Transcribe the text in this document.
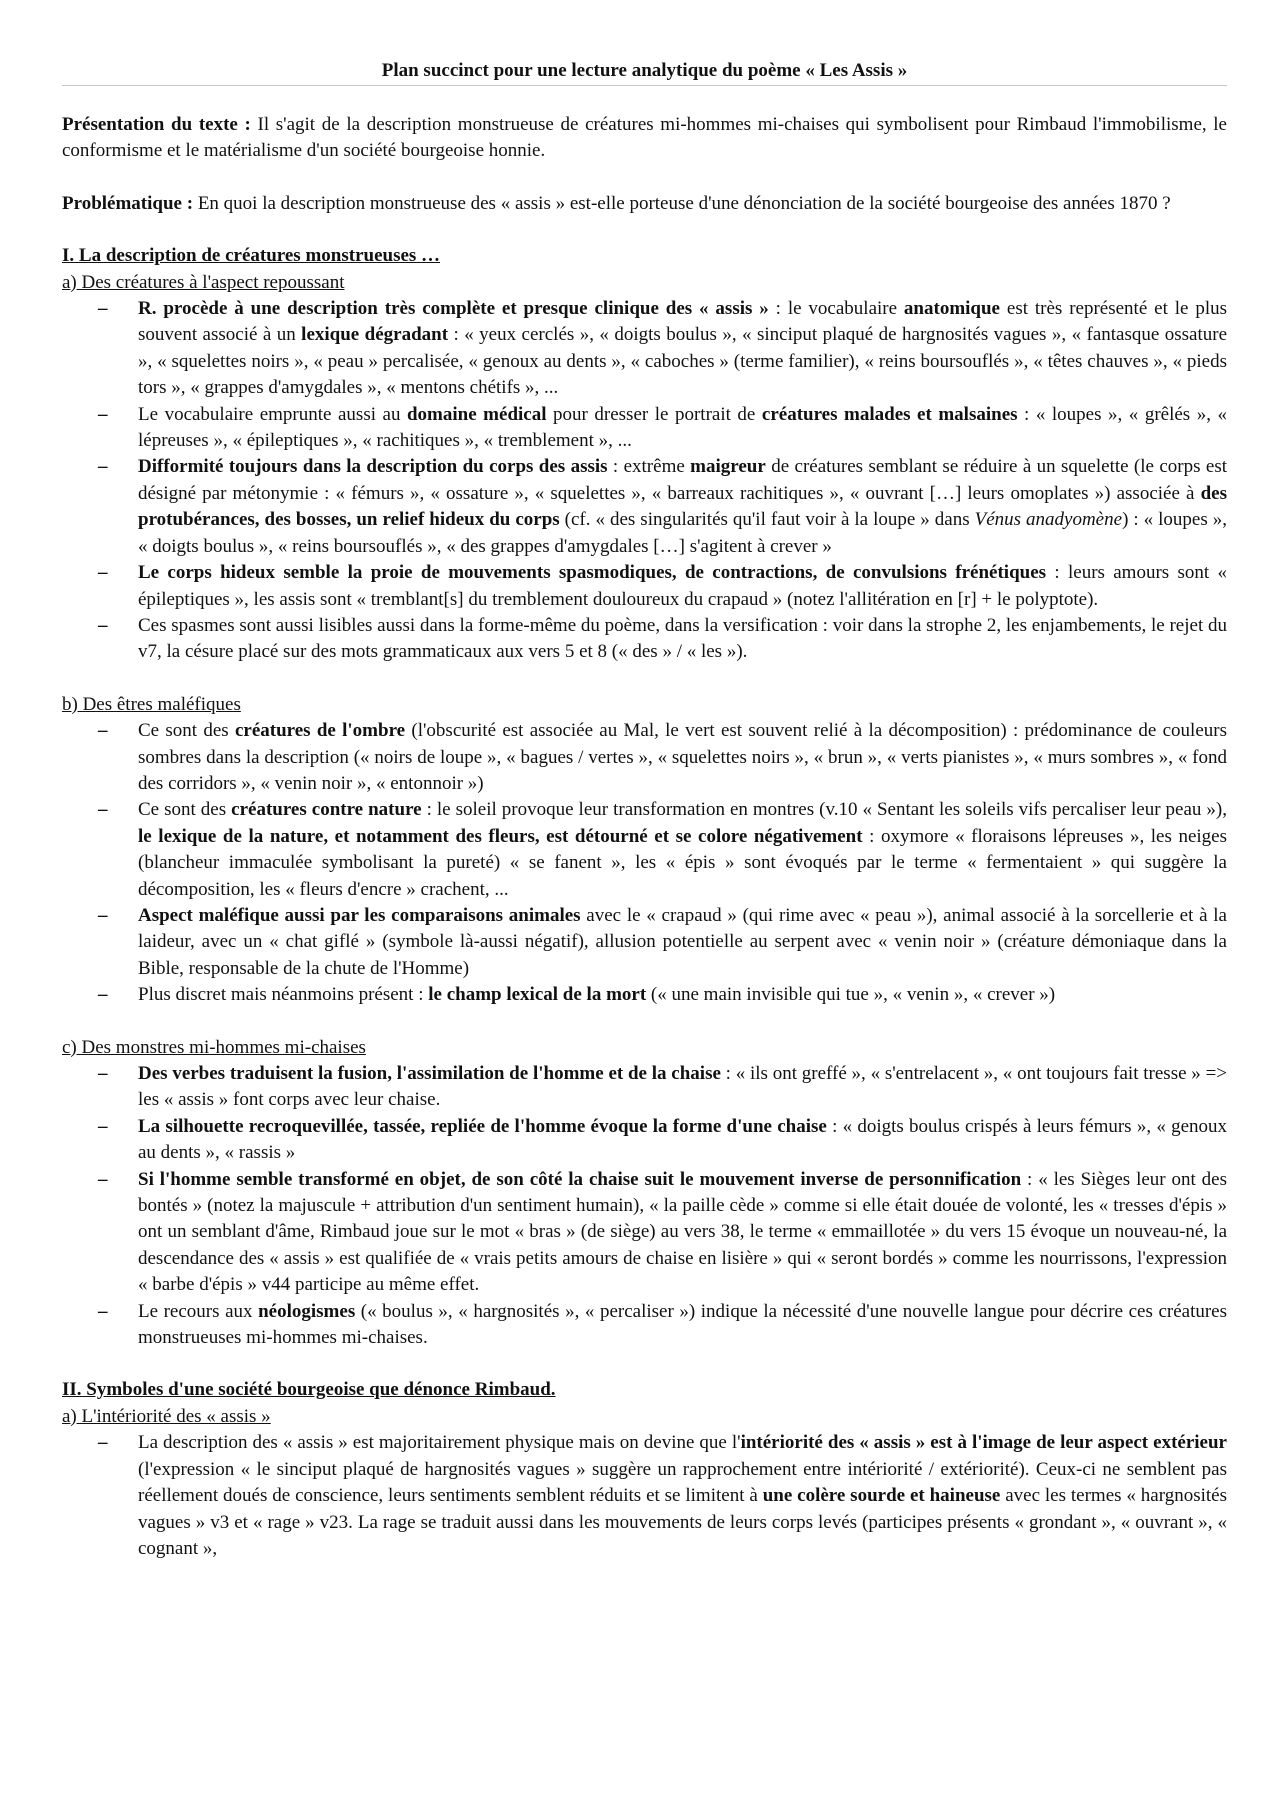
Plan succinct pour une lecture analytique du poème « Les Assis »

Présentation du texte : Il s'agit de la description monstrueuse de créatures mi-hommes mi-chaises qui symbolisent pour Rimbaud l'immobilisme, le conformisme et le matérialisme d'un société bourgeoise honnie.

Problématique : En quoi la description monstrueuse des « assis » est-elle porteuse d'une dénonciation de la société bourgeoise des années 1870 ?

I. La description de créatures monstrueuses …

a) Des créatures à l'aspect repoussant

– R. procède à une description très complète et presque clinique des « assis » : le vocabulaire anatomique est très représenté et le plus souvent associé à un lexique dégradant : « yeux cerclés », « doigts boulus », « sinciput plaqué de hargnosités vagues », « fantasque ossature », « squelettes noirs », « peau » percalisée, « genoux au dents », « caboches » (terme familier), « reins boursouflés », « têtes chauves », « pieds tors », « grappes d'amygdales », « mentons chétifs », ...
– Le vocabulaire emprunte aussi au domaine médical pour dresser le portrait de créatures malades et malsaines : « loupes », « grêlés », « lépreuses », « épileptiques », « rachitiques », « tremblement », ...
– Difformité toujours dans la description du corps des assis : extrême maigreur de créatures semblant se réduire à un squelette (le corps est désigné par métonymie : « fémurs », « ossature », « squelettes », « barreaux rachitiques », « ouvrant […] leurs omoplates ») associée à des protubérances, des bosses, un relief hideux du corps (cf. « des singularités qu'il faut voir à la loupe » dans Vénus anadyomène) : « loupes », « doigts boulus », « reins boursouflés », « des grappes d'amygdales […] s'agitent à crever »
– Le corps hideux semble la proie de mouvements spasmodiques, de contractions, de convulsions frénétiques : leurs amours sont « épileptiques », les assis sont « tremblant[s] du tremblement douloureux du crapaud » (notez l'allitération en [r] + le polyptote).
– Ces spasmes sont aussi lisibles aussi dans la forme-même du poème, dans la versification : voir dans la strophe 2, les enjambements, le rejet du v7, la césure placé sur des mots grammaticaux aux vers 5 et 8 (« des » / « les »).

b) Des êtres maléfiques

– Ce sont des créatures de l'ombre (l'obscurité est associée au Mal, le vert est souvent relié à la décomposition) : prédominance de couleurs sombres dans la description (« noirs de loupe », « bagues / vertes », « squelettes noirs », « brun », « verts pianistes », « murs sombres », « fond des corridors », « venin noir », « entonnoir »)
– Ce sont des créatures contre nature : le soleil provoque leur transformation en montres (v.10 « Sentant les soleils vifs percaliser leur peau »), le lexique de la nature, et notamment des fleurs, est détourné et se colore négativement : oxymore « floraisons lépreuses », les neiges (blancheur immaculée symbolisant la pureté) « se fanent », les « épis » sont évoqués par le terme « fermentaient » qui suggère la décomposition, les « fleurs d'encre » crachent, ...
– Aspect maléfique aussi par les comparaisons animales avec le « crapaud » (qui rime avec « peau »), animal associé à la sorcellerie et à la laideur, avec un « chat giflé » (symbole là-aussi négatif), allusion potentielle au serpent avec « venin noir » (créature démoniaque dans la Bible, responsable de la chute de l'Homme)
– Plus discret mais néanmoins présent : le champ lexical de la mort (« une main invisible qui tue », « venin », « crever »)

c) Des monstres mi-hommes mi-chaises

– Des verbes traduisent la fusion, l'assimilation de l'homme et de la chaise : « ils ont greffé », « s'entrelacent », « ont toujours fait tresse » => les « assis » font corps avec leur chaise.
– La silhouette recroquevillée, tassée, repliée de l'homme évoque la forme d'une chaise : « doigts boulus crispés à leurs fémurs », « genoux au dents », « rassis »
– Si l'homme semble transformé en objet, de son côté la chaise suit le mouvement inverse de personnification : « les Sièges leur ont des bontés » (notez la majuscule + attribution d'un sentiment humain), « la paille cède » comme si elle était douée de volonté, les « tresses d'épis » ont un semblant d'âme, Rimbaud joue sur le mot « bras » (de siège) au vers 38, le terme « emmaillotée » du vers 15 évoque un nouveau-né, la descendance des « assis » est qualifiée de « vrais petits amours de chaise en lisière » qui « seront bordés » comme les nourrissons, l'expression « barbe d'épis » v44 participe au même effet.
– Le recours aux néologismes (« boulus », « hargnosités », « percaliser ») indique la nécessité d'une nouvelle langue pour décrire ces créatures monstrueuses mi-hommes mi-chaises.

II. Symboles d'une société bourgeoise que dénonce Rimbaud.

a) L'intériorité des « assis »

– La description des « assis » est majoritairement physique mais on devine que l'intériorité des « assis » est à l'image de leur aspect extérieur (l'expression « le sinciput plaqué de hargnosités vagues » suggère un rapprochement entre intériorité / extériorité). Ceux-ci ne semblent pas réellement doués de conscience, leurs sentiments semblent réduits et se limitent à une colère sourde et haineuse avec les termes « hargnosités vagues » v3 et « rage » v23. La rage se traduit aussi dans les mouvements de leurs corps levés (participes présents « grondant », « ouvrant », « cognant »,
